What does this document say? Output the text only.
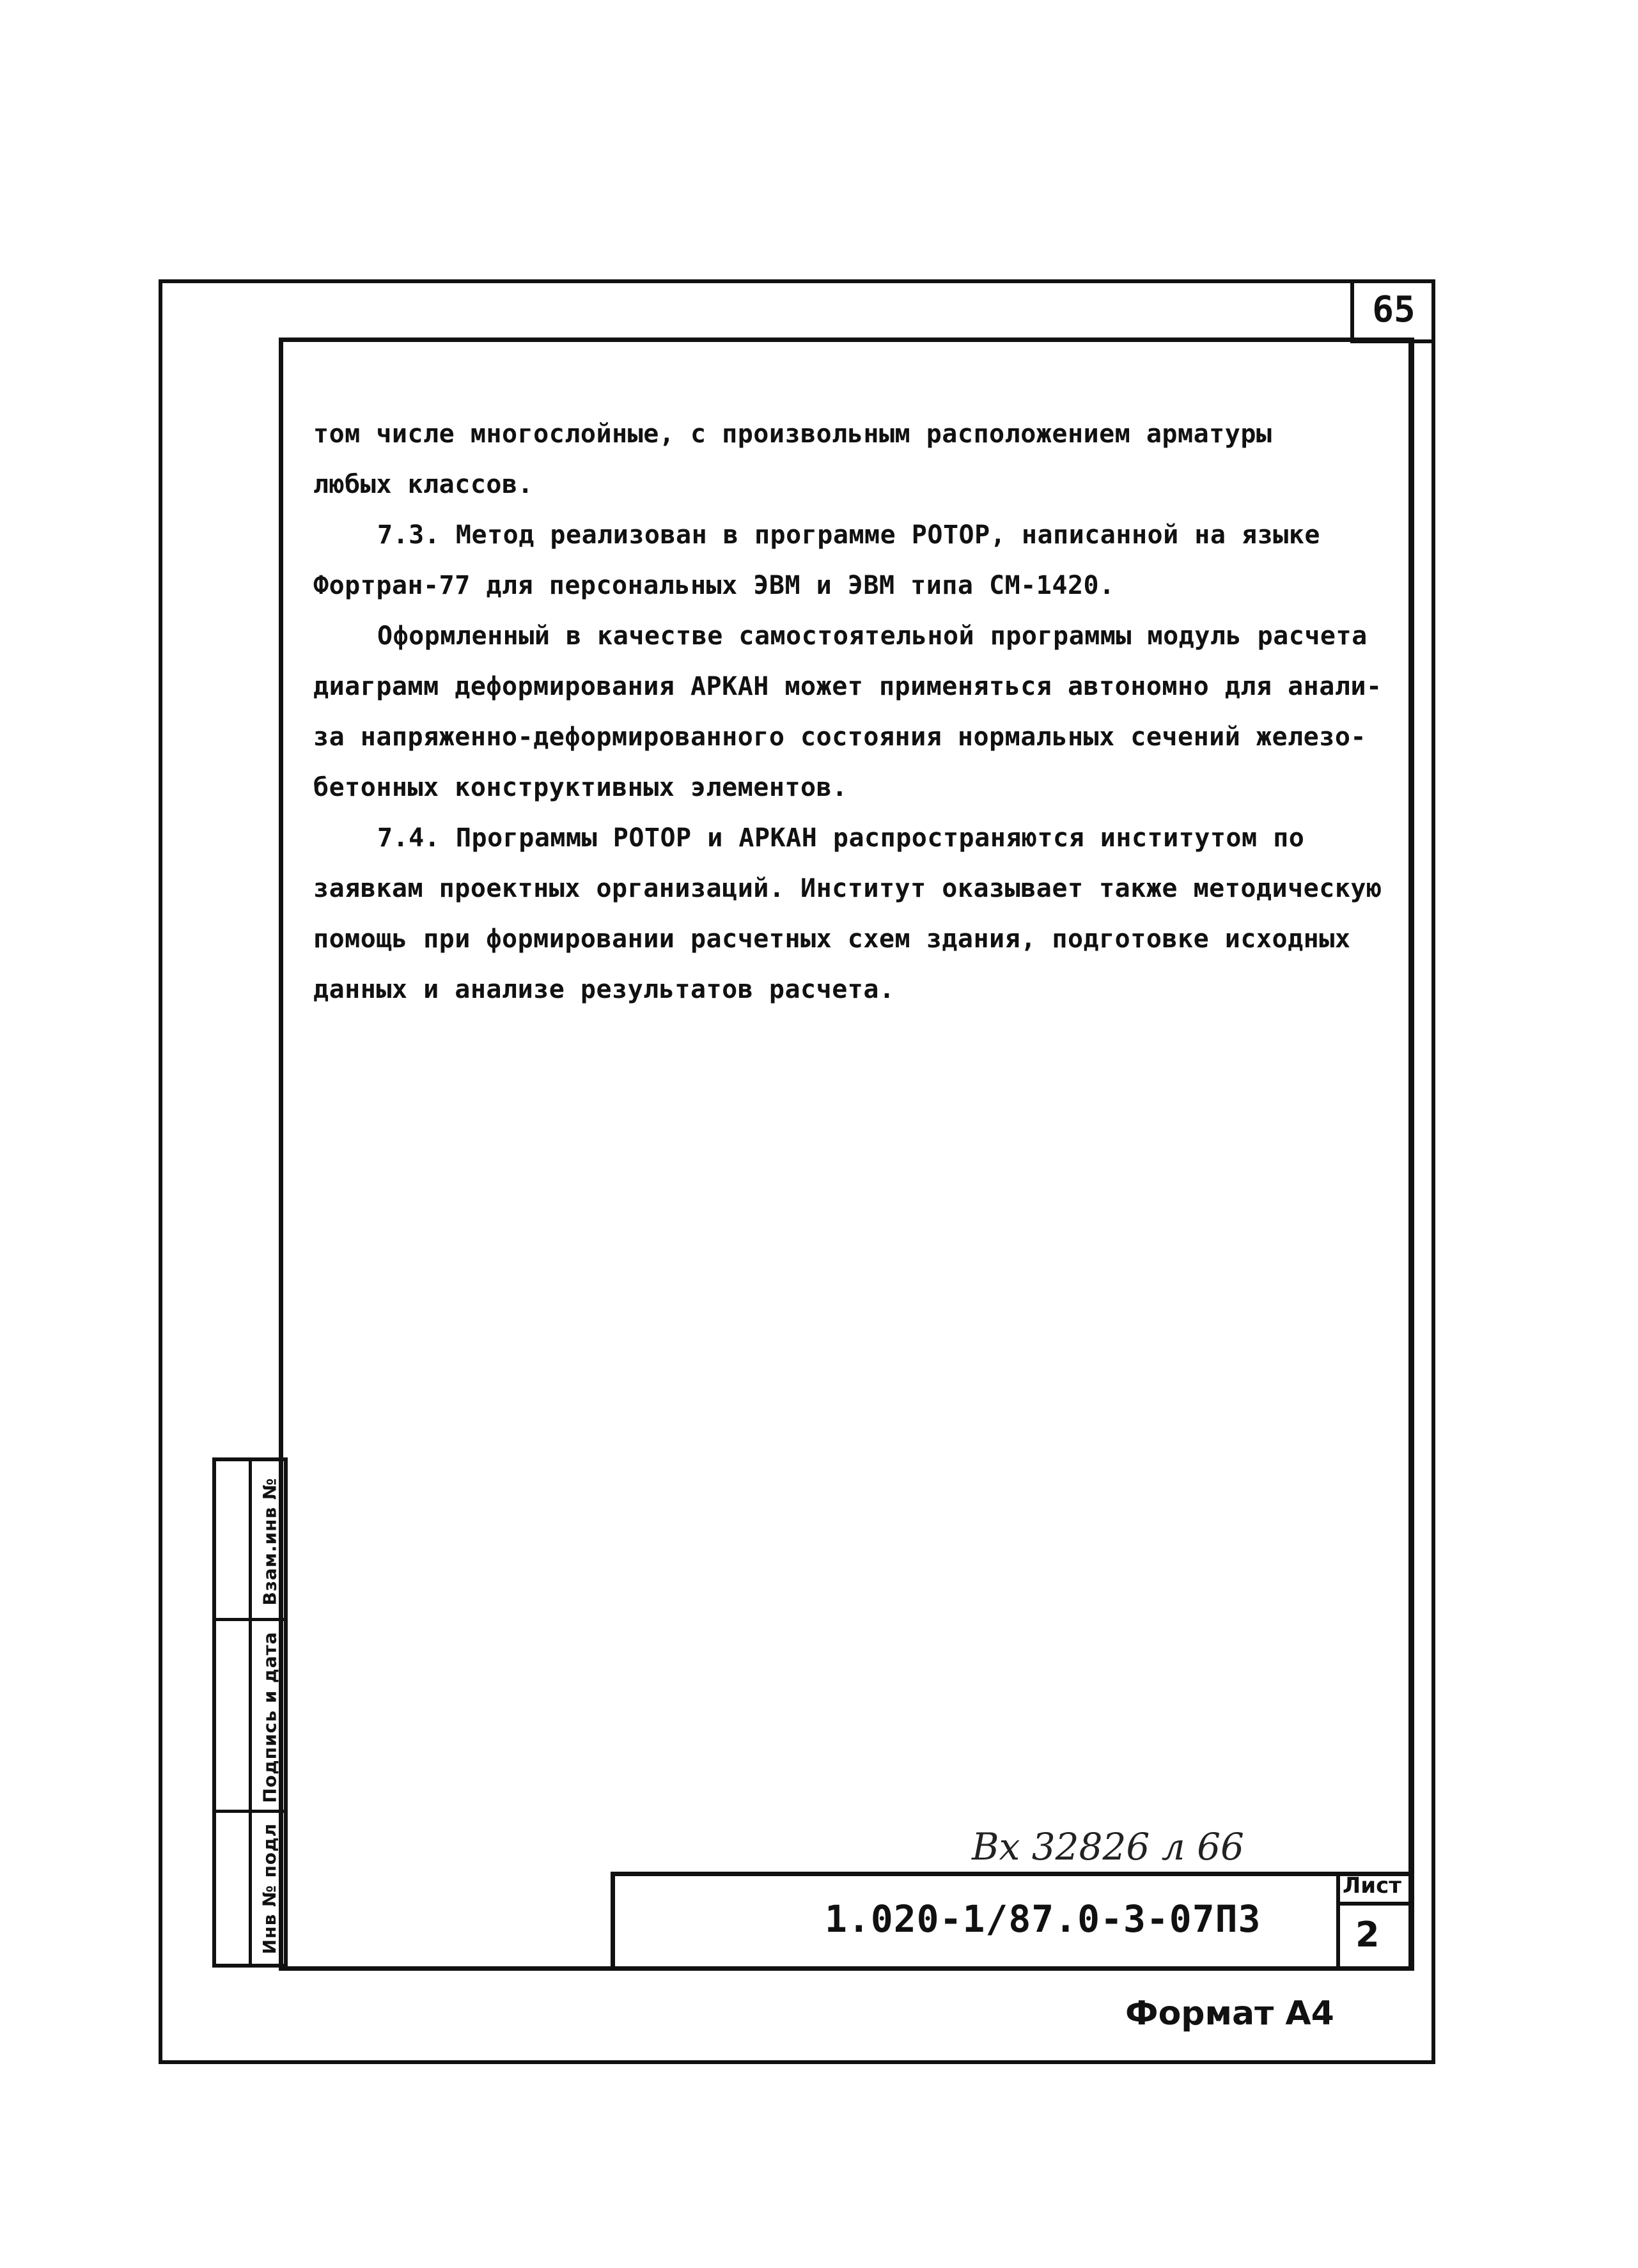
65
том числе многослойные, с произвольным расположением арматуры
любых классов.
7.3. Метод реализован в программе РОТОР, написанной на языке
Фортран-77 для персональных ЭВМ и ЭВМ типа СМ-1420.
Оформленный в качестве самостоятельной программы модуль расчета
диаграмм деформирования АРКАН может применяться автономно для анали-
за напряженно-деформированного состояния нормальных сечений железо-
бетонных конструктивных элементов.
7.4. Программы РОТОР и АРКАН распространяются институтом по
заявкам проектных организаций. Институт оказывает также методическую
помощь при формировании расчетных схем здания, подготовке исходных
данных и анализе результатов расчета.
Взам.инв №
Подпись и дата
Инв № подл	Вх 32826 л 66
1.020-1/87.0-3-07ПЗ
Лист
2
Формат А4
